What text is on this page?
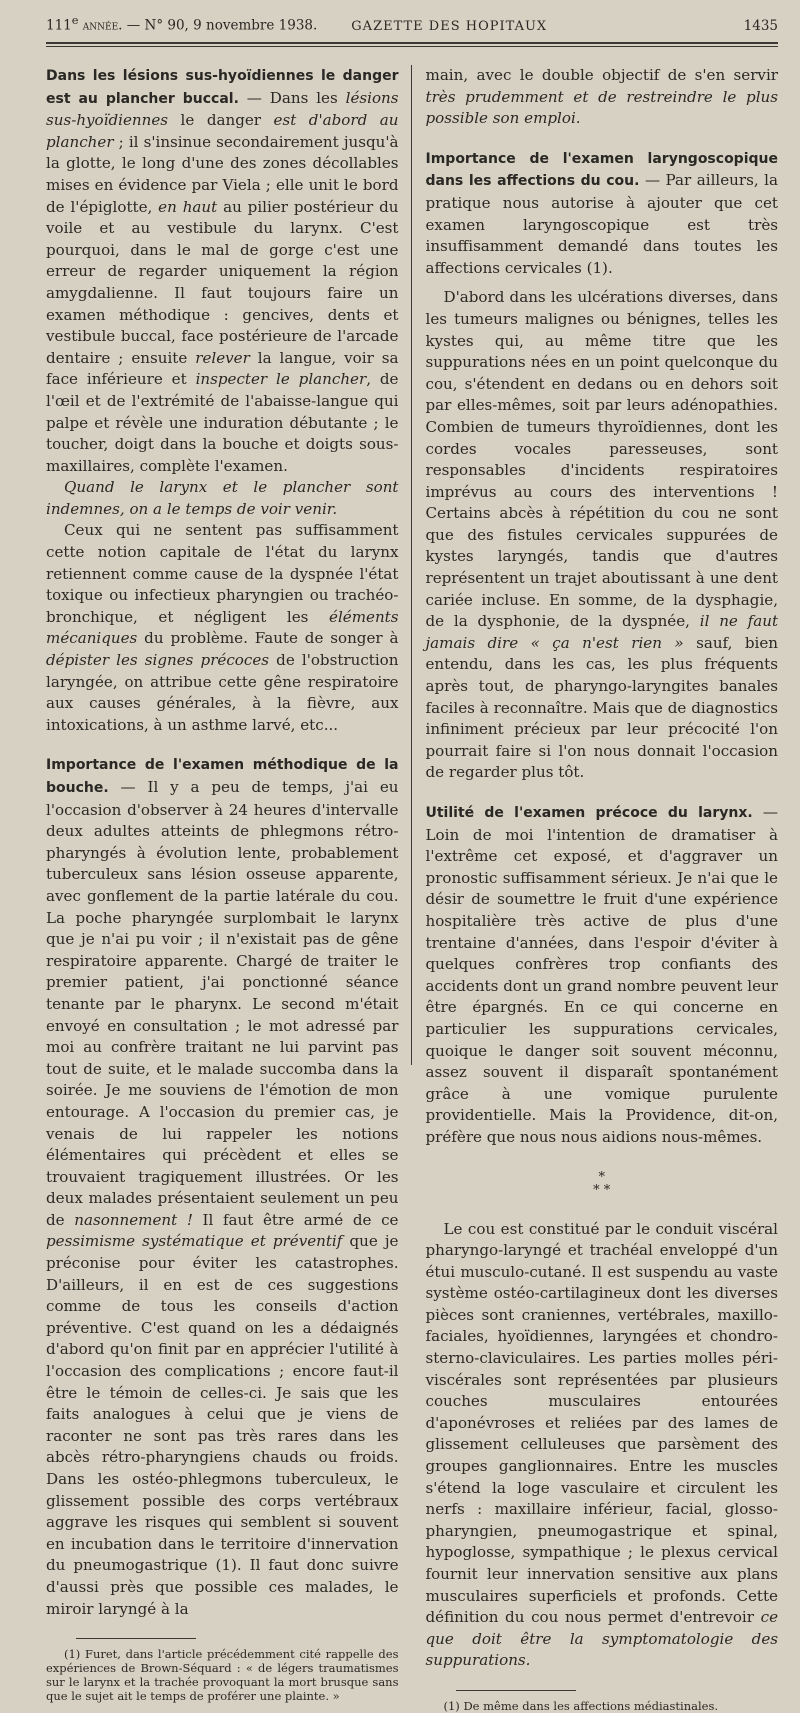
111e année. — N° 90, 9 novembre 1938.	GAZETTE DES HOPITAUX	1435

Dans les lésions sus-hyoïdiennes le danger est au plancher buccal. — Dans les lésions sus-hyoïdiennes le danger est d'abord au plancher ; il s'insinue secondairement jusqu'à la glotte, le long d'une des zones décollables mises en évidence par Viela ; elle unit le bord de l'épiglotte, en haut au pilier postérieur du voile et au vestibule du larynx. C'est pourquoi, dans le mal de gorge c'est une erreur de regarder uniquement la région amygdalienne. Il faut toujours faire un examen méthodique : gencives, dents et vestibule buccal, face postérieure de l'arcade dentaire ; ensuite relever la langue, voir sa face inférieure et inspecter le plancher, de l'œil et de l'extrémité de l'abaisse-langue qui palpe et révèle une induration débutante ; le toucher, doigt dans la bouche et doigts sous-maxillaires, complète l'examen.

Quand le larynx et le plancher sont indemnes, on a le temps de voir venir.

Ceux qui ne sentent pas suffisamment cette notion capitale de l'état du larynx retiennent comme cause de la dyspnée l'état toxique ou infectieux pharyngien ou trachéo-bronchique, et négligent les éléments mécaniques du problème. Faute de songer à dépister les signes précoces de l'obstruction laryngée, on attribue cette gêne respiratoire aux causes générales, à la fièvre, aux intoxications, à un asthme larvé, etc...

Importance de l'examen méthodique de la bouche. — Il y a peu de temps, j'ai eu l'occasion d'observer à 24 heures d'intervalle deux adultes atteints de phlegmons rétro-pharyngés à évolution lente, probablement tuberculeux sans lésion osseuse apparente, avec gonflement de la partie latérale du cou. La poche pharyngée surplombait le larynx que je n'ai pu voir ; il n'existait pas de gêne respiratoire apparente. Chargé de traiter le premier patient, j'ai ponctionné séance tenante par le pharynx. Le second m'était envoyé en consultation ; le mot adressé par moi au confrère traitant ne lui parvint pas tout de suite, et le malade succomba dans la soirée. Je me souviens de l'émotion de mon entourage. A l'occasion du premier cas, je venais de lui rappeler les notions élémentaires qui précèdent et elles se trouvaient tragiquement illustrées. Or les deux malades présentaient seulement un peu de nasonnement ! Il faut être armé de ce pessimisme systématique et préventif que je préconise pour éviter les catastrophes. D'ailleurs, il en est de ces suggestions comme de tous les conseils d'action préventive. C'est quand on les a dédaignés d'abord qu'on finit par en apprécier l'utilité à l'occasion des complications ; encore faut-il être le témoin de celles-ci. Je sais que les faits analogues à celui que je viens de raconter ne sont pas très rares dans les abcès rétro-pharyngiens chauds ou froids. Dans les ostéo-phlegmons tuberculeux, le glissement possible des corps vertébraux aggrave les risques qui semblent si souvent en incubation dans le territoire d'innervation du pneumogastrique (1). Il faut donc suivre d'aussi près que possible ces malades, le miroir laryngé à la

(1) Furet, dans l'article précédemment cité rappelle des expériences de Brown-Séquard : « de légers traumatismes sur le larynx et la trachée provoquant la mort brusque sans que le sujet ait le temps de proférer une plainte. »

main, avec le double objectif de s'en servir très prudemment et de restreindre le plus possible son emploi.

Importance de l'examen laryngoscopique dans les affections du cou. — Par ailleurs, la pratique nous autorise à ajouter que cet examen laryngoscopique est très insuffisamment demandé dans toutes les affections cervicales (1).

D'abord dans les ulcérations diverses, dans les tumeurs malignes ou bénignes, telles les kystes qui, au même titre que les suppurations nées en un point quelconque du cou, s'étendent en dedans ou en dehors soit par elles-mêmes, soit par leurs adénopathies. Combien de tumeurs thyroïdiennes, dont les cordes vocales paresseuses, sont responsables d'incidents respiratoires imprévus au cours des interventions ! Certains abcès à répétition du cou ne sont que des fistules cervicales suppurées de kystes laryngés, tandis que d'autres représentent un trajet aboutissant à une dent cariée incluse. En somme, de la dysphagie, de la dysphonie, de la dyspnée, il ne faut jamais dire « ça n'est rien » sauf, bien entendu, dans les cas, les plus fréquents après tout, de pharyngo-laryngites banales faciles à reconnaître. Mais que de diagnostics infiniment précieux par leur précocité l'on pourrait faire si l'on nous donnait l'occasion de regarder plus tôt.

Utilité de l'examen précoce du larynx. — Loin de moi l'intention de dramatiser à l'extrême cet exposé, et d'aggraver un pronostic suffisamment sérieux. Je n'ai que le désir de soumettre le fruit d'une expérience hospitalière très active de plus d'une trentaine d'années, dans l'espoir d'éviter à quelques confrères trop confiants des accidents dont un grand nombre peuvent leur être épargnés. En ce qui concerne en particulier les suppurations cervicales, quoique le danger soit souvent méconnu, assez souvent il disparaît spontanément grâce à une vomique purulente providentielle. Mais la Providence, dit-on, préfère que nous nous aidions nous-mêmes.

*
* *

Le cou est constitué par le conduit viscéral pharyngo-laryngé et trachéal enveloppé d'un étui musculo-cutané. Il est suspendu au vaste système ostéo-cartilagineux dont les diverses pièces sont craniennes, vertébrales, maxillo-faciales, hyoïdiennes, laryngées et chondro-sterno-claviculaires. Les parties molles péri-viscérales sont représentées par plusieurs couches musculaires entourées d'aponévroses et reliées par des lames de glissement celluleuses que parsèment des groupes ganglionnaires. Entre les muscles s'étend la loge vasculaire et circulent les nerfs : maxillaire inférieur, facial, glosso-pharyngien, pneumogastrique et spinal, hypoglosse, sympathique ; le plexus cervical fournit leur innervation sensitive aux plans musculaires superficiels et profonds. Cette définition du cou nous permet d'entrevoir ce que doit être la symptomatologie des suppurations.

(1) De même dans les affections médiastinales.
